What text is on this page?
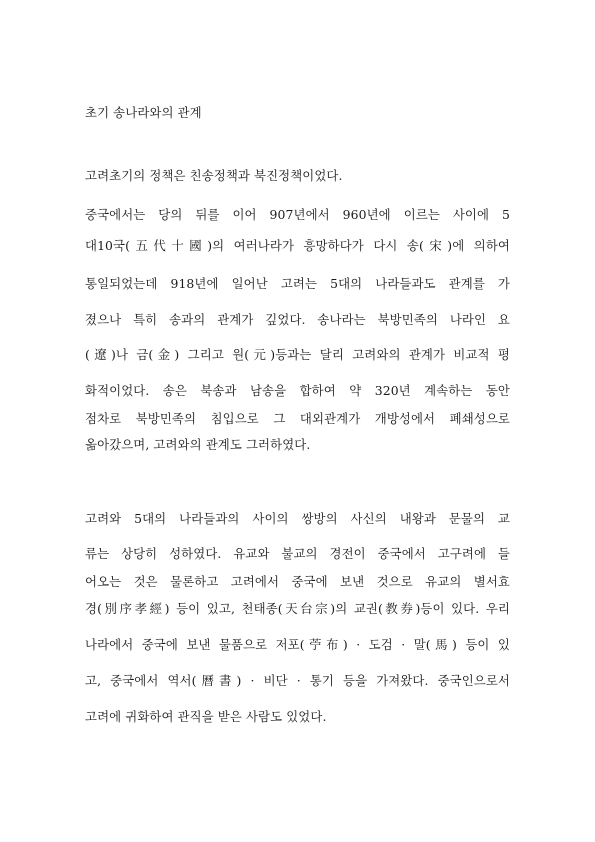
초기 송나라와의 관계
고려초기의 정책은 친송정책과 북진정책이었다.
중국에서는 당의 뒤를 이어 907년에서 960년에 이르는 사이에 5
대10국(五代十國)의 여러나라가 흥망하다가 다시 송(宋)에 의하여
통일되었는데 918년에 일어난 고려는 5대의 나라들과도 관계를 가
졌으나 특히 송과의 관계가 깊었다. 송나라는 북방민족의 나라인 요
(遼)나 금(金) 그리고 원(元)등과는 달리 고려와의 관계가 비교적 평
화적이었다. 송은 북송과 남송을 합하여 약 320년 계속하는 동안
점차로 북방민족의 침입으로 그 대외관계가 개방성에서 폐쇄성으로
옮아갔으며, 고려와의 관계도 그러하였다.
고려와 5대의 나라들과의 사이의 쌍방의 사신의 내왕과 문물의 교
류는 상당히 성하였다. 유교와 불교의 경전이 중국에서 고구려에 들
어오는 것은 물론하고 고려에서 중국에 보낸 것으로 유교의 별서효
경(別序孝經) 등이 있고, 천태종(天台宗)의 교권(教券)등이 있다. 우리
나라에서 중국에 보낸 물품으로 저포(苧布) · 도검 · 말(馬) 등이 있
고, 중국에서 역서(曆書) · 비단 · 통기 등을 가져왔다. 중국인으로서
고려에 귀화하여 관직을 받은 사람도 있었다.
